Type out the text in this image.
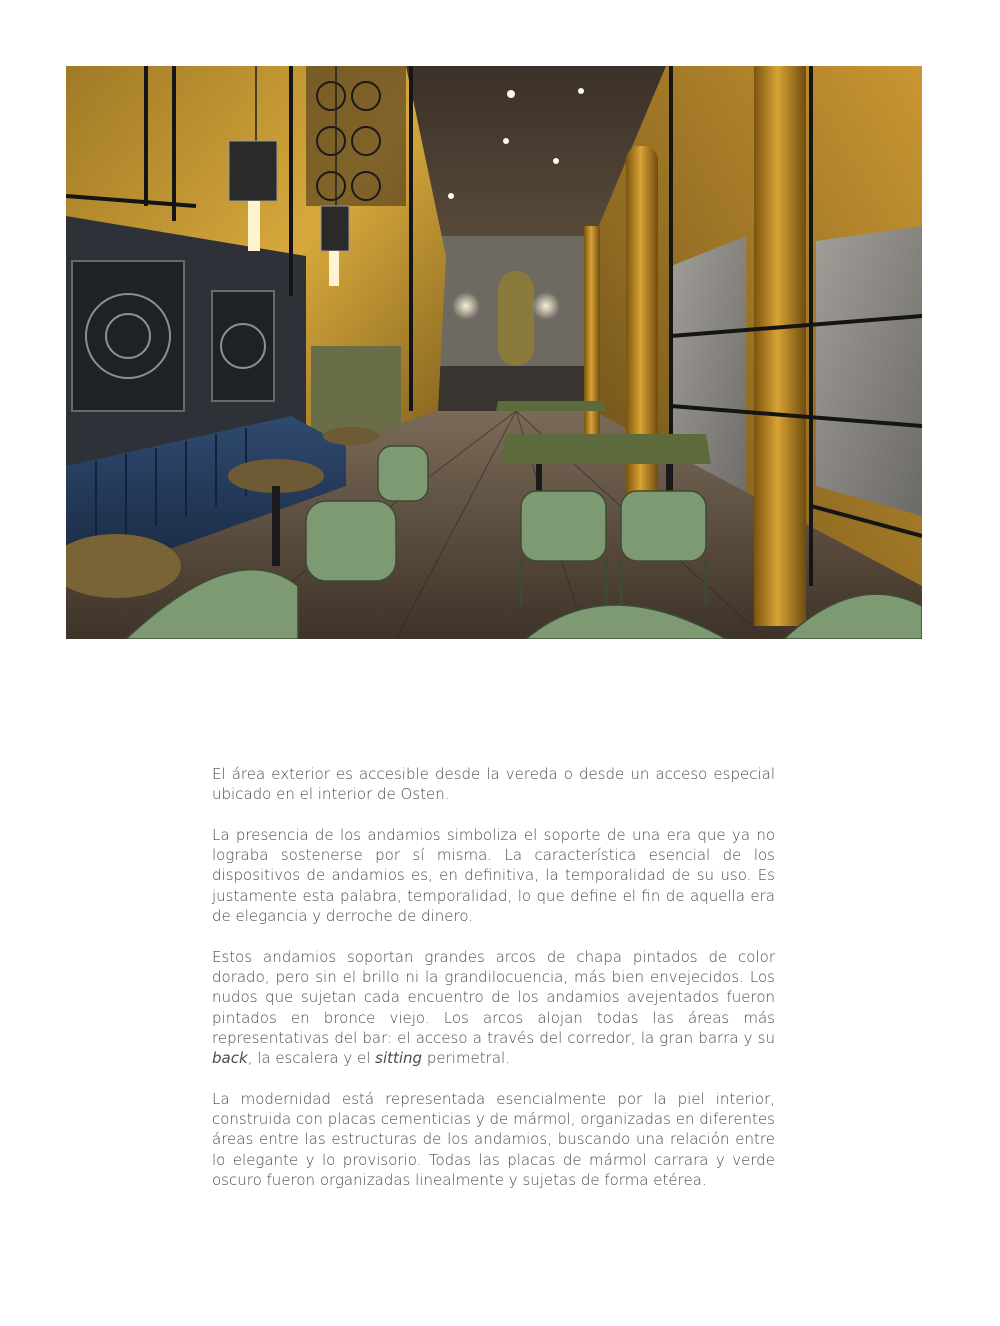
El área exterior es accesible desde la vereda o desde un acceso especial ubicado en el interior de Osten.

La presencia de los andamios simboliza el soporte de una era que ya no lograba sostenerse por sí misma. La característica esencial de los dispositivos de andamios es, en definitiva, la temporalidad de su uso. Es justamente esta palabra, temporalidad, lo que define el fin de aquella era de elegancia y derroche de dinero.

Estos andamios soportan grandes arcos de chapa pintados de color dorado, pero sin el brillo ni la grandilocuencia, más bien envejecidos. Los nudos que sujetan cada encuentro de los andamios avejentados fueron pintados en bronce viejo. Los arcos alojan todas las áreas más representativas del bar: el acceso a través del corredor, la gran barra y su back, la escalera y el sitting perimetral.

La modernidad está representada esencialmente por la piel interior, construida con placas cementicias y de mármol, organizadas en diferentes áreas entre las estructuras de los andamios, buscando una relación entre lo elegante y lo provisorio. Todas las placas de mármol carrara y verde oscuro fueron organizadas linealmente y sujetas de forma etérea.
